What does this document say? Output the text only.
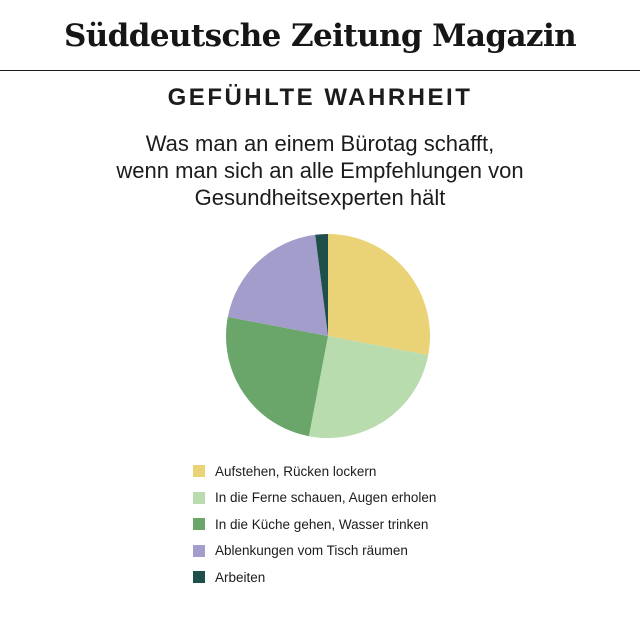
Süddeutsche Zeitung Magazin
GEFÜHLTE WAHRHEIT
Was man an einem Bürotag schafft,
wenn man sich an alle Empfehlungen von
Gesundheitsexperten hält
Aufstehen, Rücken lockern
In die Ferne schauen, Augen erholen
In die Küche gehen, Wasser trinken
Ablenkungen vom Tisch räumen
Arbeiten
